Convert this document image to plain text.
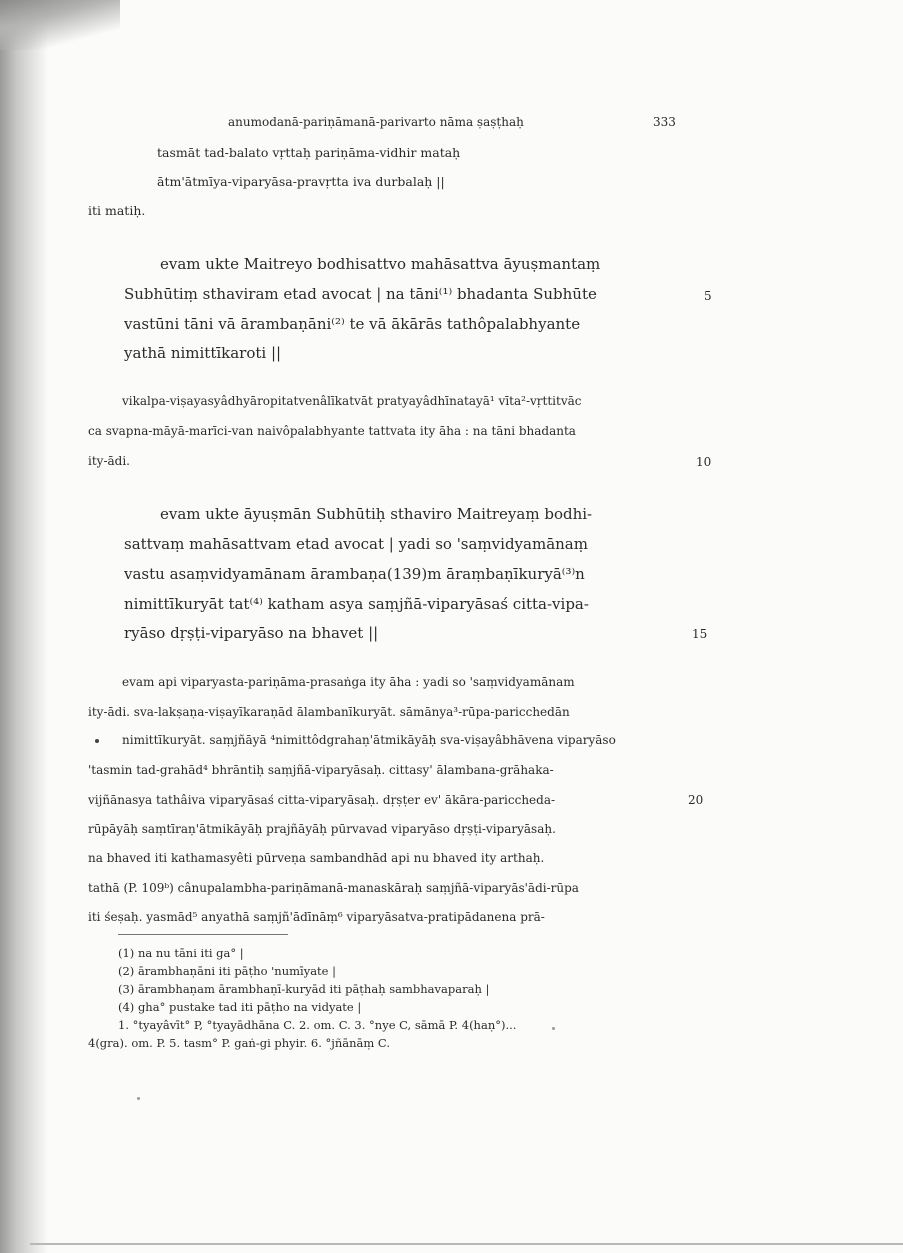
anumodanā-pariṇāmanā-parivarto nāma ṣaṣṭhaḥ	333

tasmāt tad-balato vṛttaḥ pariṇāma-vidhir mataḥ

ātm'ātmīya-viparyāsa-pravṛtta iva durbalaḥ ||

iti matiḥ.

evam ukte Maitreyo bodhisattvo mahāsattva āyuṣmantaṃ

Subhūtiṃ sthaviram etad avocat | na tāni⁽¹⁾ bhadanta Subhūte

vastūni tāni vā ārambaṇāni⁽²⁾ te vā ākārās tathôpalabhyante

yathā nimittīkaroti ||

5

vikalpa-viṣayasyâdhyāropitatvenâlīkatvāt pratyayâdhīnatayā¹ vīta²-vṛttitvāc

ca svapna-māyā-marīci-van naivôpalabhyante tattvata ity āha : na tāni bhadanta

ity-ādi.	10

evam ukte āyuṣmān Subhūtiḥ sthaviro Maitreyaṃ bodhi-

sattvaṃ mahāsattvam etad avocat | yadi so 'saṃvidyamānaṃ

vastu asaṃvidyamānam ārambaṇa(139)m āraṃbaṇīkuryā⁽³⁾n

nimittīkuryāt tat⁽⁴⁾ katham asya saṃjñā-viparyāsaś citta-vipa-

ryāso dṛṣṭi-viparyāso na bhavet ||	15

evam api viparyasta-pariṇāma-prasaṅga ity āha : yadi so 'saṃvidyamānam

ity-ādi. sva-lakṣaṇa-viṣayīkaraṇād ālambanīkuryāt. sāmānya³-rūpa-paricchedān

nimittīkuryāt. saṃjñāyā ⁴nimittôdgrahaṇ'ātmikāyāḥ sva-viṣayâbhāvena viparyāso

'tasmin tad-grahād⁴ bhrāntiḥ saṃjñā-viparyāsaḥ. cittasy' ālambana-grāhaka-

vijñānasya tathâiva viparyāsaś citta-viparyāsaḥ. dṛṣṭer ev' ākāra-pariccheda-	20

rūpāyāḥ saṃtīraṇ'ātmikāyāḥ prajñāyāḥ pūrvavad viparyāso dṛṣṭi-viparyāsaḥ.

na bhaved iti kathamasyêti pūrveṇa sambandhād api nu bhaved ity arthaḥ.

tathā (P. 109ᵇ) cânupalambha-pariṇāmanā-manaskāraḥ saṃjñā-viparyās'ādi-rūpa

iti śeṣaḥ. yasmād⁵ anyathā saṃjñ'ādīnāṃ⁶ viparyāsatva-pratipādanena prā-

(1) na nu tāni iti ga° |

(2) ārambhaṇāni iti pāṭho 'numīyate |

(3) ārambhaṇam ārambhaṇī-kuryād iti pāṭhaḥ sambhavaparaḥ |

(4) gha° pustake tad iti pāṭho na vidyate |

1. °tyayâvīt° P, °tyayādhāna C. 2. om. C. 3. °nye C, sāmā P. 4(haṇ°)...

4(gra). om. P. 5. tasm° P. gaṅ-gi phyir. 6. °jñānāṃ C.
